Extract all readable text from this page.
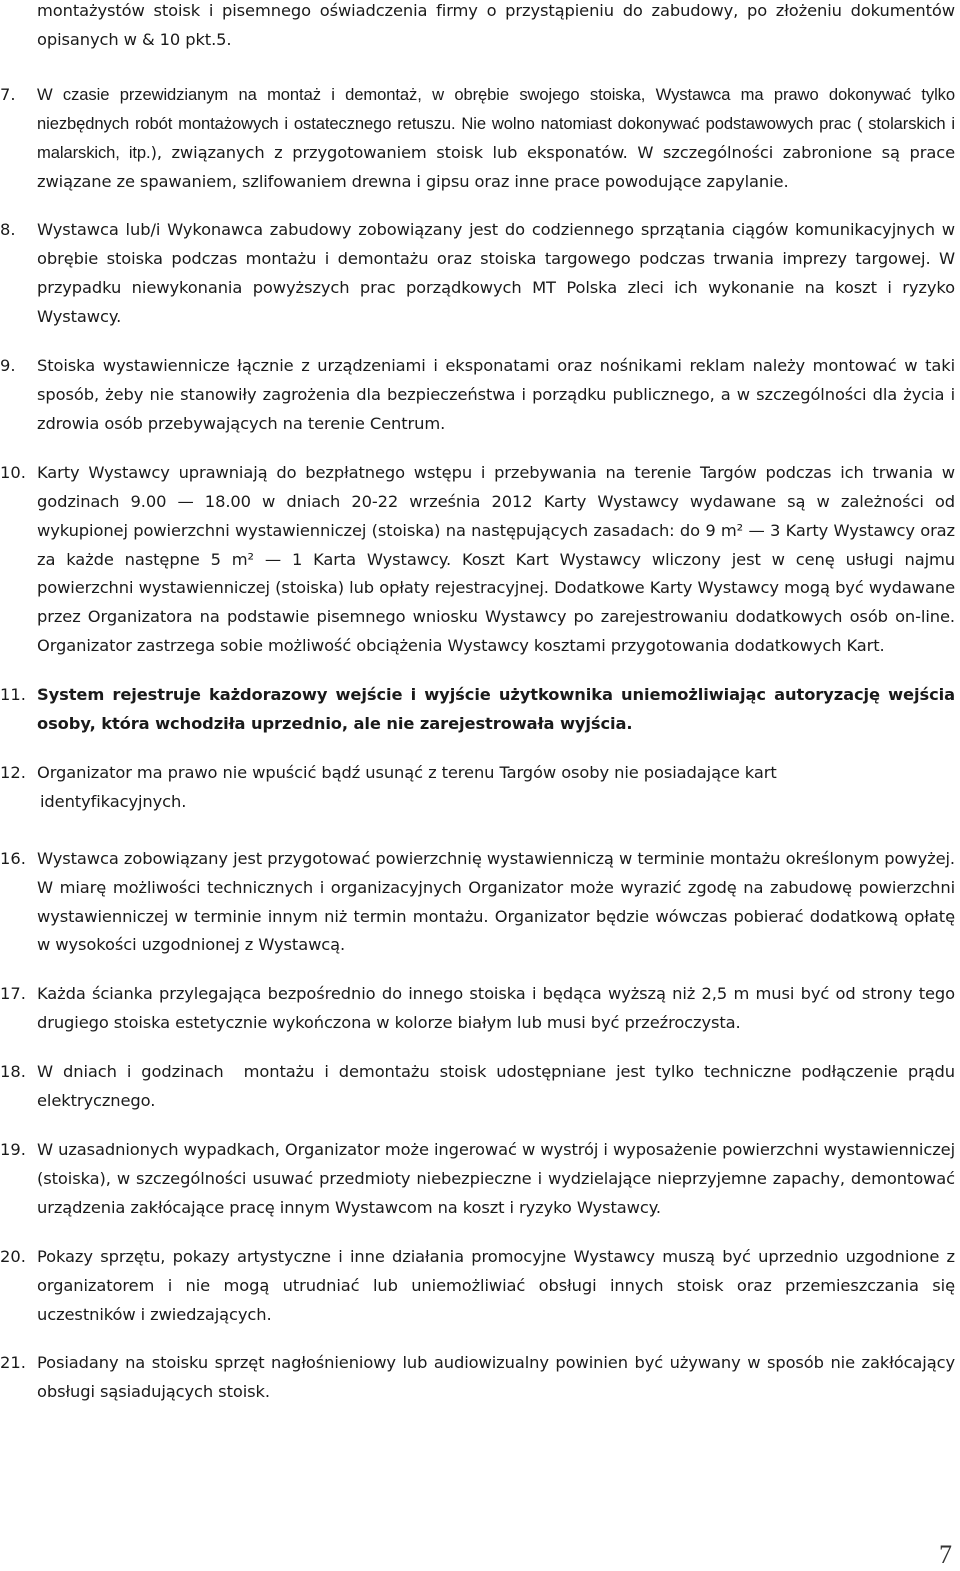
montażystów stoisk i pisemnego oświadczenia firmy o przystąpieniu do zabudowy, po złożeniu dokumentów opisanych w & 10 pkt.5.

7.	W czasie przewidzianym na montaż i demontaż, w obrębie swojego stoiska, Wystawca ma prawo dokonywać tylko niezbędnych robót montażowych i ostatecznego retuszu. Nie wolno natomiast dokonywać podstawowych prac ( stolarskich i malarskich, itp.), związanych z przygotowaniem stoisk lub eksponatów. W szczególności zabronione są prace związane ze spawaniem, szlifowaniem drewna i gipsu oraz inne prace powodujące zapylanie.

8.	Wystawca lub/i Wykonawca zabudowy zobowiązany jest do codziennego sprzątania ciągów komunikacyjnych w obrębie stoiska podczas montażu i demontażu oraz stoiska targowego podczas trwania imprezy targowej. W przypadku niewykonania powyższych prac porządkowych MT Polska zleci ich wykonanie na koszt i ryzyko Wystawcy.

9.	Stoiska wystawiennicze łącznie z urządzeniami i eksponatami oraz nośnikami reklam należy montować w taki sposób, żeby nie stanowiły zagrożenia dla bezpieczeństwa i porządku publicznego, a w szczególności dla życia i zdrowia osób przebywających na terenie Centrum.

10. Karty Wystawcy uprawniają do bezpłatnego wstępu i przebywania na terenie Targów podczas ich trwania w godzinach 9.00 — 18.00 w dniach 20-22 września 2012 Karty Wystawcy wydawane są w zależności od wykupionej powierzchni wystawienniczej (stoiska) na następujących zasadach: do 9 m² — 3 Karty Wystawcy oraz za każde następne 5 m² — 1 Karta Wystawcy. Koszt Kart Wystawcy wliczony jest w cenę usługi najmu powierzchni wystawienniczej (stoiska) lub opłaty rejestracyjnej. Dodatkowe Karty Wystawcy mogą być wydawane przez Organizatora na podstawie pisemnego wniosku Wystawcy po zarejestrowaniu dodatkowych osób on-line. Organizator zastrzega sobie możliwość obciążenia Wystawcy kosztami przygotowania dodatkowych Kart.

11. System rejestruje każdorazowy wejście i wyjście użytkownika uniemożliwiając autoryzację wejścia osoby, która wchodziła uprzednio, ale nie zarejestrowała wyjścia.

12. Organizator ma prawo nie wpuścić bądź usunąć z terenu Targów osoby nie posiadające kart
identyfikacyjnych.

16. Wystawca zobowiązany jest przygotować powierzchnię wystawienniczą w terminie montażu określonym powyżej. W miarę możliwości technicznych i organizacyjnych Organizator może wyrazić zgodę na zabudowę powierzchni wystawienniczej w terminie innym niż termin montażu. Organizator będzie wówczas pobierać dodatkową opłatę w wysokości uzgodnionej z Wystawcą.

17. Każda ścianka przylegająca bezpośrednio do innego stoiska i będąca wyższą niż 2,5 m musi być od strony tego drugiego stoiska estetycznie wykończona w kolorze białym lub musi być przeźroczysta.

18. W dniach i godzinach  montażu i demontażu stoisk udostępniane jest tylko techniczne podłączenie prądu elektrycznego.

19. W uzasadnionych wypadkach, Organizator może ingerować w wystrój i wyposażenie powierzchni wystawienniczej (stoiska), w szczególności usuwać przedmioty niebezpieczne i wydzielające nieprzyjemne zapachy, demontować urządzenia zakłócające pracę innym Wystawcom na koszt i ryzyko Wystawcy.

20. Pokazy sprzętu, pokazy artystyczne i inne działania promocyjne Wystawcy muszą być uprzednio uzgodnione z organizatorem i nie mogą utrudniać lub uniemożliwiać obsługi innych stoisk oraz przemieszczania się uczestników i zwiedzających.

21. Posiadany na stoisku sprzęt nagłośnieniowy lub audiowizualny powinien być używany w sposób nie zakłócający obsługi sąsiadujących stoisk.

7
